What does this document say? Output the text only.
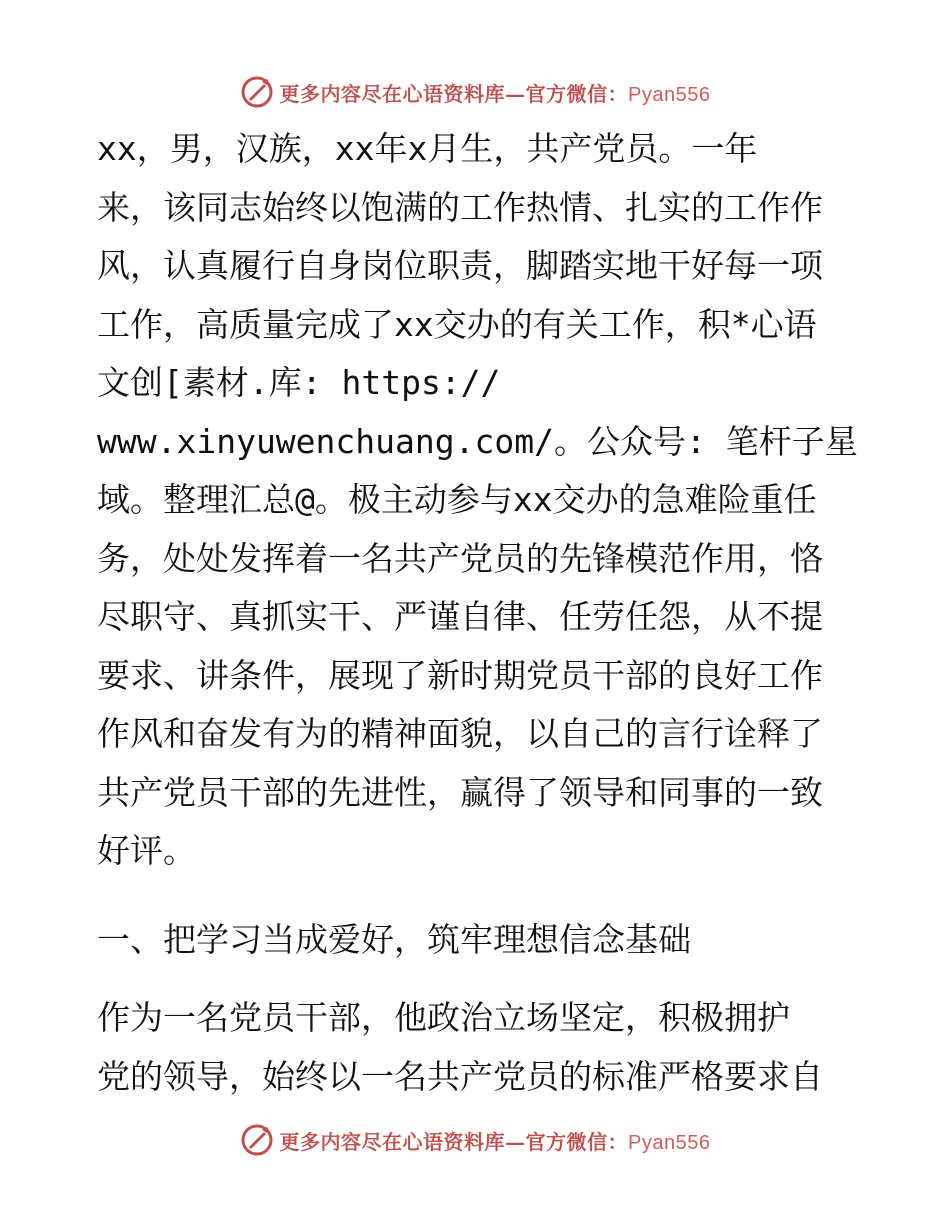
更多内容尽在心语资料库—官方微信：Pyan556
xx，男，汉族，xx年x月生，共产党员。一年
来，该同志始终以饱满的工作热情、扎实的工作作
风，认真履行自身岗位职责，脚踏实地干好每一项
工作，高质量完成了xx交办的有关工作，积*心语
文创[素材.库: https://
www.xinyuwenchuang.com/。公众号: 笔杆子星
域。整理汇总@。极主动参与xx交办的急难险重任
务，处处发挥着一名共产党员的先锋模范作用，恪
尽职守、真抓实干、严谨自律、任劳任怨，从不提
要求、讲条件，展现了新时期党员干部的良好工作
作风和奋发有为的精神面貌，以自己的言行诠释了
共产党员干部的先进性，赢得了领导和同事的一致
好评。
一、把学习当成爱好，筑牢理想信念基础
作为一名党员干部，他政治立场坚定，积极拥护
党的领导，始终以一名共产党员的标准严格要求自
更多内容尽在心语资料库—官方微信：Pyan556
